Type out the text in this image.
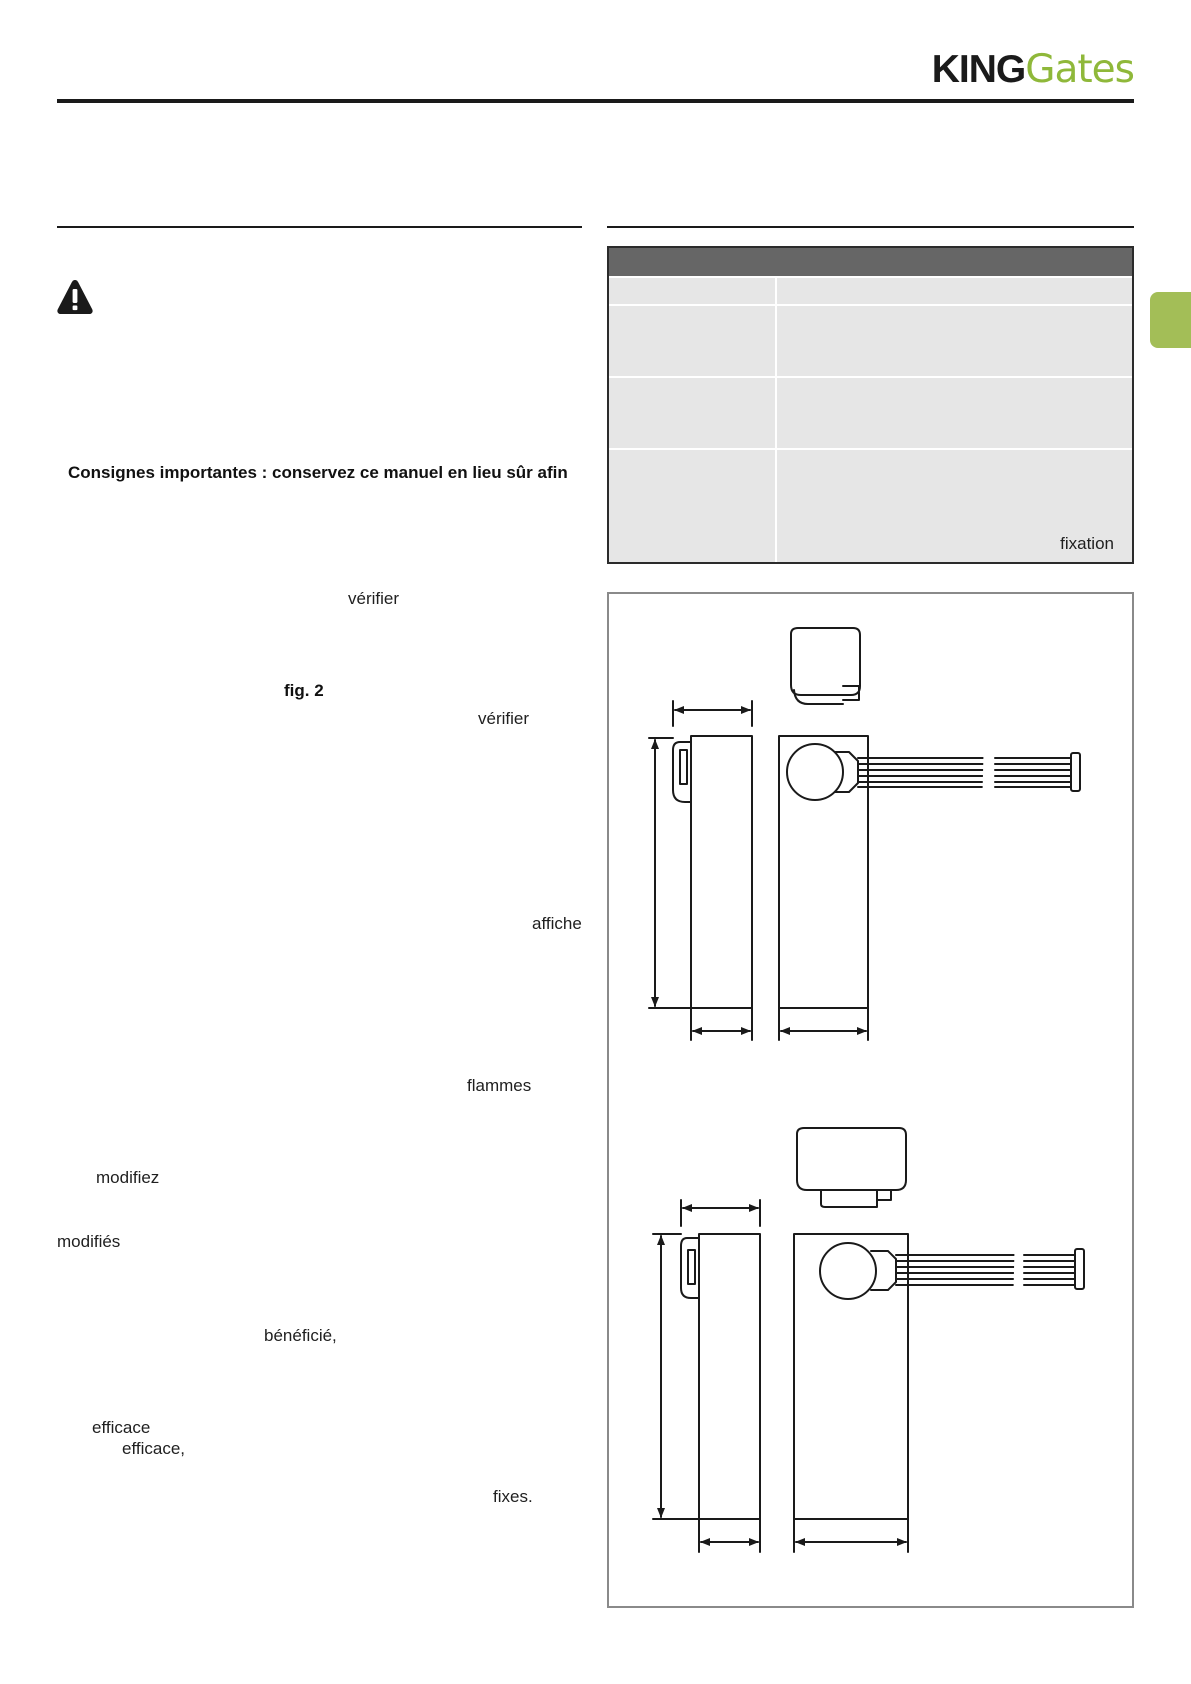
KINGGates
Consignes importantes : conservez ce manuel en lieu sûr afin
vérifier
fig. 2
vérifier
affiche
flammes
modifiez
modifiés
bénéficié,
efficace
efficace,
fixes.
fixation
